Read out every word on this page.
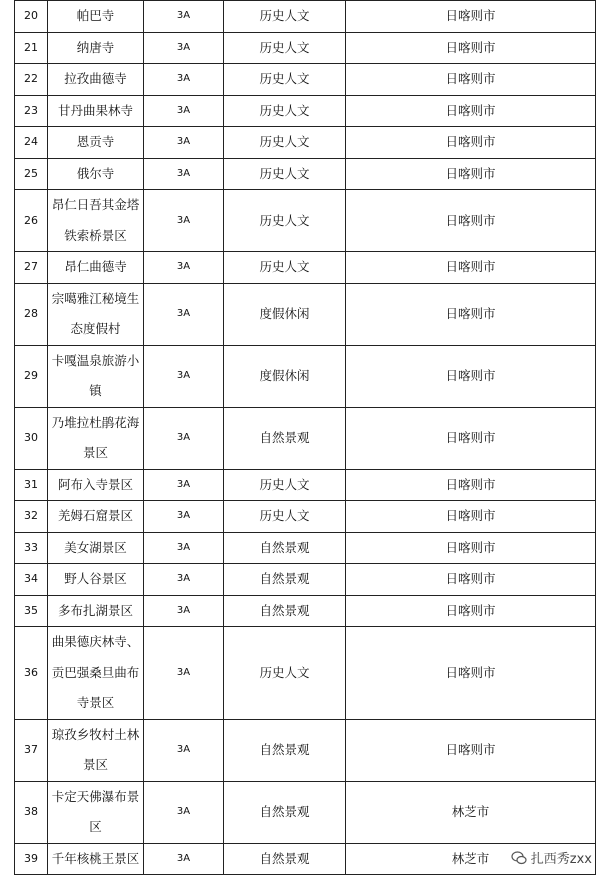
20	帕巴寺	3A	历史人文	日喀则市
21	纳唐寺	3A	历史人文	日喀则市
22	拉孜曲德寺	3A	历史人文	日喀则市
23	甘丹曲果林寺	3A	历史人文	日喀则市
24	恩贡寺	3A	历史人文	日喀则市
25	俄尔寺	3A	历史人文	日喀则市
26	昂仁日吾其金塔铁索桥景区	3A	历史人文	日喀则市
27	昂仁曲德寺	3A	历史人文	日喀则市
28	宗噶雅江秘境生态度假村	3A	度假休闲	日喀则市
29	卡嘎温泉旅游小镇	3A	度假休闲	日喀则市
30	乃堆拉杜鹃花海景区	3A	自然景观	日喀则市
31	阿布入寺景区	3A	历史人文	日喀则市
32	羌姆石窟景区	3A	历史人文	日喀则市
33	美女湖景区	3A	自然景观	日喀则市
34	野人谷景区	3A	自然景观	日喀则市
35	多布扎湖景区	3A	自然景观	日喀则市
36	曲果德庆林寺、贡巴强桑旦曲布寺景区	3A	历史人文	日喀则市
37	琼孜乡牧村土林景区	3A	自然景观	日喀则市
38	卡定天佛瀑布景区	3A	自然景观	林芝市
39	千年核桃王景区	3A	自然景观	林芝市	扎西秀zxx
